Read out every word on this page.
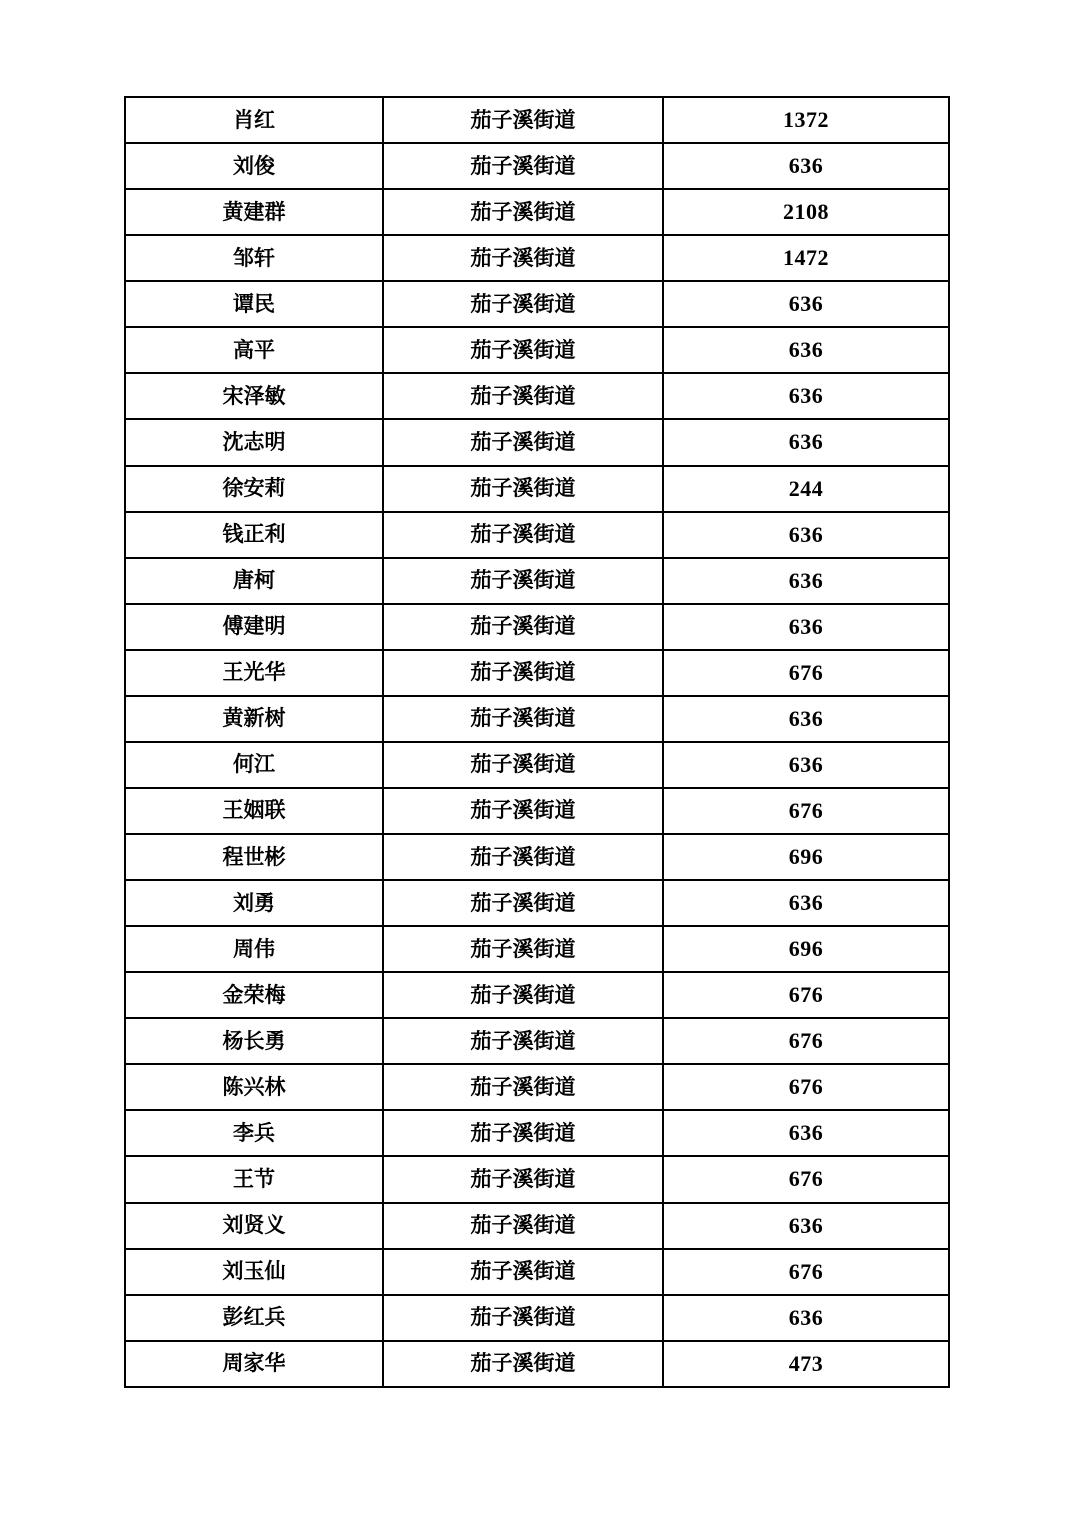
肖红	茄子溪街道	1372
刘俊	茄子溪街道	636
黄建群	茄子溪街道	2108
邹轩	茄子溪街道	1472
谭民	茄子溪街道	636
高平	茄子溪街道	636
宋泽敏	茄子溪街道	636
沈志明	茄子溪街道	636
徐安莉	茄子溪街道	244
钱正利	茄子溪街道	636
唐柯	茄子溪街道	636
傅建明	茄子溪街道	636
王光华	茄子溪街道	676
黄新树	茄子溪街道	636
何江	茄子溪街道	636
王姻联	茄子溪街道	676
程世彬	茄子溪街道	696
刘勇	茄子溪街道	636
周伟	茄子溪街道	696
金荣梅	茄子溪街道	676
杨长勇	茄子溪街道	676
陈兴林	茄子溪街道	676
李兵	茄子溪街道	636
王节	茄子溪街道	676
刘贤义	茄子溪街道	636
刘玉仙	茄子溪街道	676
彭红兵	茄子溪街道	636
周家华	茄子溪街道	473
